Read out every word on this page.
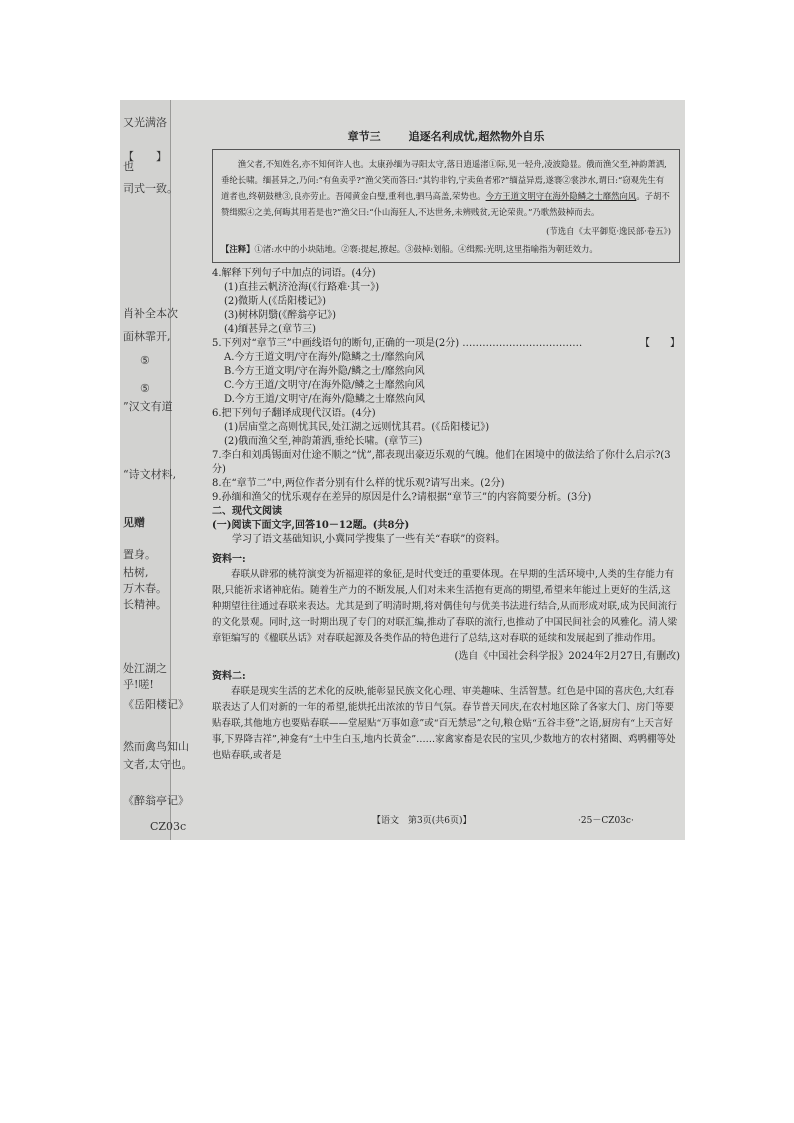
又光满洛
【　　】
也
司式一致。
肖补全本次
面林霏开,
⑤
⑤
”汉文有道
“诗文材料,
见赠
置身。
枯树,
万木春。
长精神。
处江湖之
乎!嗟!
《岳阳楼记》
然而禽鸟知山
文者,太守也。
《醉翁亭记》
CZ03c
章节三	追逐名利成忧,超然物外自乐

渔父者,不知姓名,亦不知何许人也。太康孙缅为寻阳太守,落日逍遥渚①际,见一轻舟,凌波隐显。俄而渔父至,神韵萧洒,垂纶长啸。缅甚异之,乃问:“有鱼卖乎?”渔父笑而答曰:“其钓非钓,宁卖鱼者邪?”缅益异焉,遂褰②裳涉水,谓曰:“窃观先生有道者也,终朝鼓枻③,良亦劳止。吾闻黄金白璧,重利也,驷马高盖,荣势也。今方王道文明守在海外隐鳞之士靡然向风。子胡不赞缉熙④之美,何晦其用若是也?”渔父曰:“仆山海狂人,不达世务,未辨贱贫,无论荣贵。”乃歌然鼓棹而去。

(节选自《太平御览·逸民部·卷五》)
【注释】①渚:水中的小块陆地。②褰:提起,撩起。③鼓棹:划船。④缉熙:光明,这里指喻指为朝廷效力。

4.解释下列句子中加点的词语。(4分)

(1)直挂云帆济沧海(《行路难·其一》)

(2)微斯人(《岳阳楼记》)

(3)树林阴翳(《醉翁亭记》)

(4)缅甚异之(章节三)

5.下列对“章节三”中画线语句的断句,正确的一项是(2分) ………………………………	【　　】

A.今方王道文明/守在海外/隐鳞之士/靡然向风

B.今方王道文明/守在海外隐/鳞之士/靡然向风

C.今方王道/文明守/在海外隐/鳞之士靡然向风

D.今方王道/文明守/在海外/隐鳞之士靡然向风

6.把下列句子翻译成现代汉语。(4分)

(1)居庙堂之高则忧其民,处江湖之远则忧其君。(《岳阳楼记》)

(2)俄而渔父至,神韵萧洒,垂纶长啸。(章节三)

7.李白和刘禹锡面对仕途不顺之“忧”,都表现出豪迈乐观的气魄。他们在困境中的做法给了你什么启示?(3分)

8.在“章节二”中,两位作者分别有什么样的忧乐观?请写出来。(2分)

9.孙缅和渔父的忧乐观存在差异的原因是什么?请根据“章节三”的内容简要分析。(3分)

二、现代文阅读
(一)阅读下面文字,回答10－12题。(共8分)

学习了语文基础知识,小冀同学搜集了一些有关“春联”的资料。

资料一:

春联从辟邪的桃符演变为祈福迎祥的象征,是时代变迁的重要体现。在早期的生活环境中,人类的生存能力有限,只能祈求诸神庇佑。随着生产力的不断发展,人们对未来生活抱有更高的期望,希望来年能过上更好的生活,这种期望往往通过春联来表达。尤其是到了明清时期,将对偶佳句与优美书法进行结合,从而形成对联,成为民间流行的文化景观。同时,这一时期出现了专门的对联汇编,推动了春联的流行,也推动了中国民间社会的风雅化。清人梁章钜编写的《楹联丛话》对春联起源及各类作品的特色进行了总结,这对春联的延续和发展起到了推动作用。

(选自《中国社会科学报》2024年2月27日,有删改)
资料二:

春联是现实生活的艺术化的反映,能彰显民族文化心理、审美趣味、生活智慧。红色是中国的喜庆色,大红春联表达了人们对新的一年的希望,能烘托出浓浓的节日气氛。春节普天同庆,在农村地区除了各家大门、房门等要贴春联,其他地方也要贴春联——堂屋贴“万事如意”或“百无禁忌”之句,粮仓贴“五谷丰登”之语,厨房有“上天言好事,下界降吉祥”,神龛有“土中生白玉,地内长黄金”……家禽家畜是农民的宝贝,少数地方的农村猪圈、鸡鸭棚等处也贴春联,或者是

【语文　第3页(共6页)】	·25－CZ03c·
